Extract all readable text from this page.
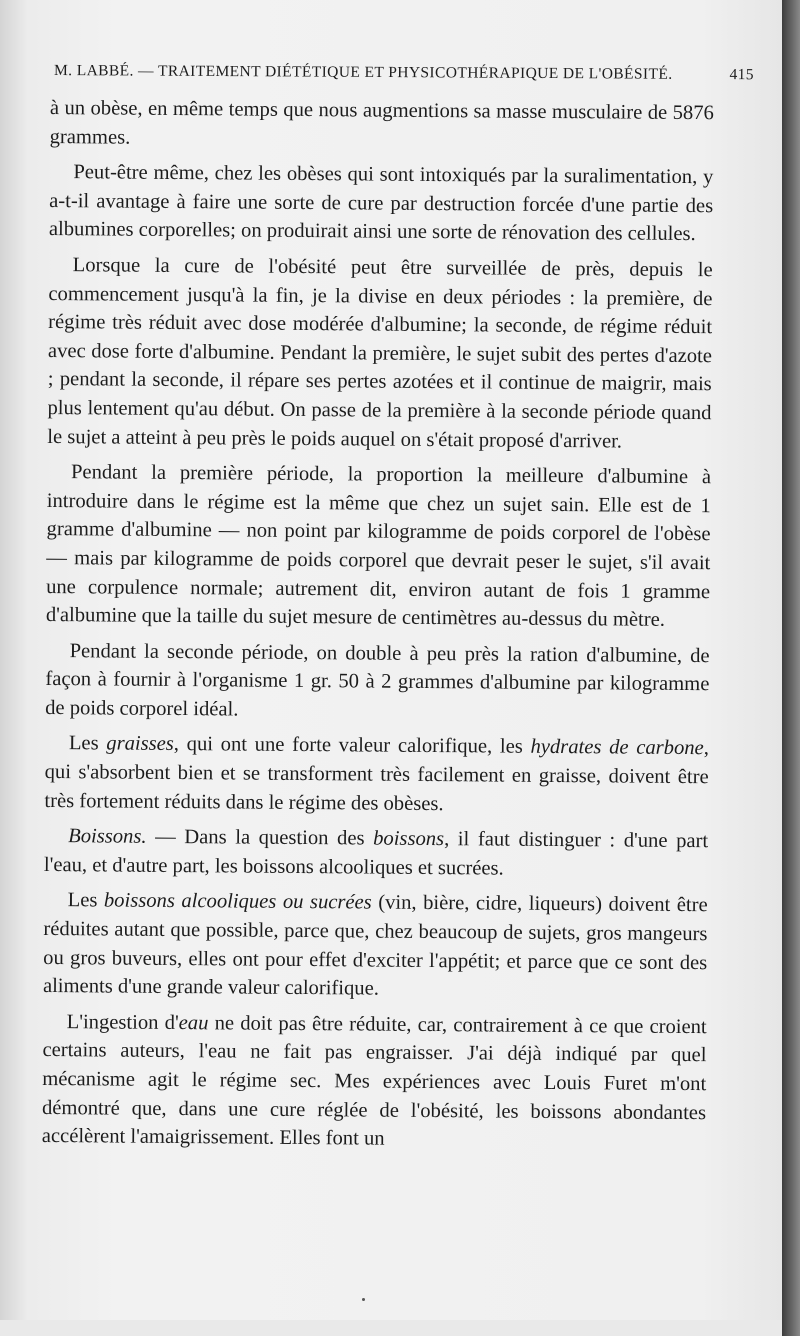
M. LABBÉ. — TRAITEMENT DIÉTÉTIQUE ET PHYSICOTHÉRAPIQUE DE L'OBÉSITÉ.	415

à un obèse, en même temps que nous augmentions sa masse musculaire de 5876 grammes.

Peut-être même, chez les obèses qui sont intoxiqués par la suralimentation, y a-t-il avantage à faire une sorte de cure par destruction forcée d'une partie des albumines corporelles; on produirait ainsi une sorte de rénovation des cellules.

Lorsque la cure de l'obésité peut être surveillée de près, depuis le commencement jusqu'à la fin, je la divise en deux périodes : la première, de régime très réduit avec dose modérée d'albumine; la seconde, de régime réduit avec dose forte d'albumine. Pendant la première, le sujet subit des pertes d'azote ; pendant la seconde, il répare ses pertes azotées et il continue de maigrir, mais plus lentement qu'au début. On passe de la première à la seconde période quand le sujet a atteint à peu près le poids auquel on s'était proposé d'arriver.

Pendant la première période, la proportion la meilleure d'albumine à introduire dans le régime est la même que chez un sujet sain. Elle est de 1 gramme d'albumine — non point par kilogramme de poids corporel de l'obèse — mais par kilogramme de poids corporel que devrait peser le sujet, s'il avait une corpulence normale; autrement dit, environ autant de fois 1 gramme d'albumine que la taille du sujet mesure de centimètres au-dessus du mètre.

Pendant la seconde période, on double à peu près la ration d'albumine, de façon à fournir à l'organisme 1 gr. 50 à 2 grammes d'albumine par kilogramme de poids corporel idéal.

Les graisses, qui ont une forte valeur calorifique, les hydrates de carbone, qui s'absorbent bien et se transforment très facilement en graisse, doivent être très fortement réduits dans le régime des obèses.

Boissons. — Dans la question des boissons, il faut distinguer : d'une part l'eau, et d'autre part, les boissons alcooliques et sucrées.

Les boissons alcooliques ou sucrées (vin, bière, cidre, liqueurs) doivent être réduites autant que possible, parce que, chez beaucoup de sujets, gros mangeurs ou gros buveurs, elles ont pour effet d'exciter l'appétit; et parce que ce sont des aliments d'une grande valeur calorifique.

L'ingestion d'eau ne doit pas être réduite, car, contrairement à ce que croient certains auteurs, l'eau ne fait pas engraisser. J'ai déjà indiqué par quel mécanisme agit le régime sec. Mes expériences avec Louis Furet m'ont démontré que, dans une cure réglée de l'obésité, les boissons abondantes accélèrent l'amaigrissement. Elles font un
